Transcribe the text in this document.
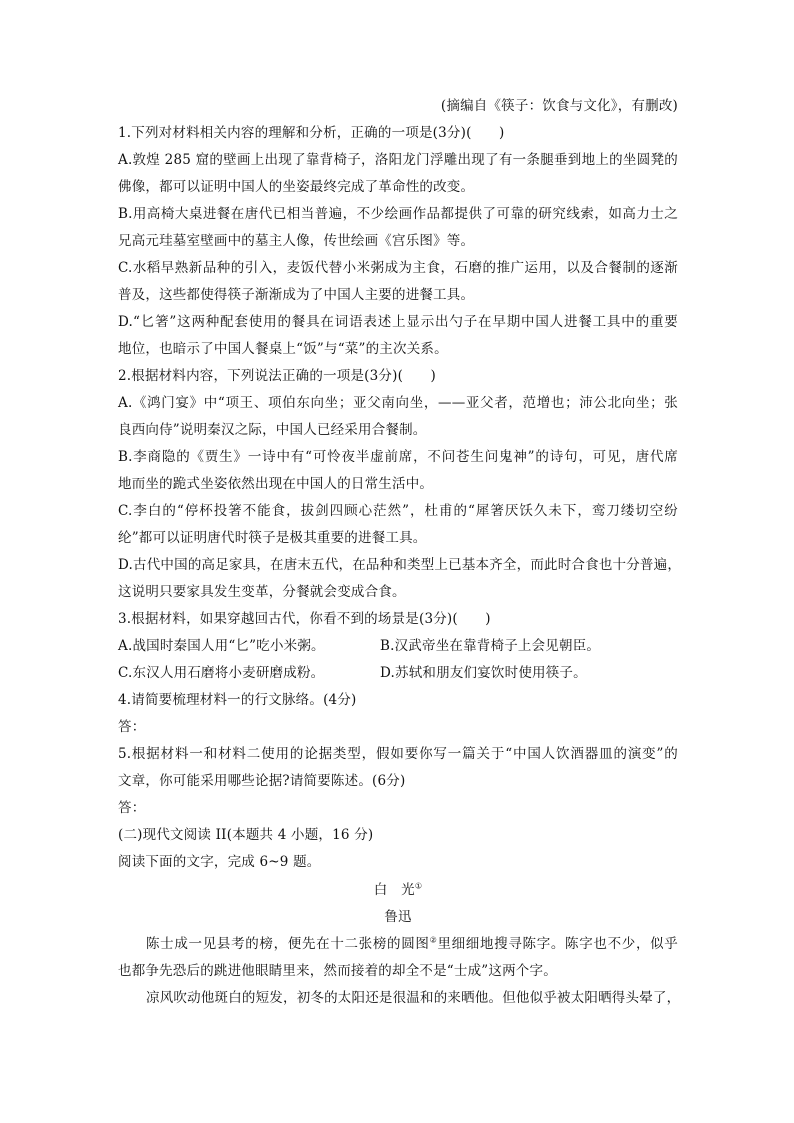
(摘编自《筷子：饮食与文化》，有删改)
1.下列对材料相关内容的理解和分析，正确的一项是(3分)(　　)
A.敦煌 285 窟的壁画上出现了靠背椅子，洛阳龙门浮雕出现了有一条腿垂到地上的坐圆凳的
佛像，都可以证明中国人的坐姿最终完成了革命性的改变。
B.用高椅大桌进餐在唐代已相当普遍，不少绘画作品都提供了可靠的研究线索，如高力士之
兄高元珪墓室壁画中的墓主人像，传世绘画《宫乐图》等。
C.水稻早熟新品种的引入，麦饭代替小米粥成为主食，石磨的推广运用，以及合餐制的逐渐
普及，这些都使得筷子渐渐成为了中国人主要的进餐工具。
D.“匕箸”这两种配套使用的餐具在词语表述上显示出勺子在早期中国人进餐工具中的重要
地位，也暗示了中国人餐桌上“饭”与“菜”的主次关系。
2.根据材料内容，下列说法正确的一项是(3分)(　　)
A.《鸿门宴》中“项王、项伯东向坐；亚父南向坐，——亚父者，范增也；沛公北向坐；张
良西向侍”说明秦汉之际，中国人已经采用合餐制。
B.李商隐的《贾生》一诗中有“可怜夜半虚前席，不问苍生问鬼神”的诗句，可见，唐代席
地而坐的跪式坐姿依然出现在中国人的日常生活中。
C.李白的“停杯投箸不能食，拔剑四顾心茫然”，杜甫的“犀箸厌饫久未下，鸾刀缕切空纷
纶”都可以证明唐代时筷子是极其重要的进餐工具。
D.古代中国的高足家具，在唐末五代，在品种和类型上已基本齐全，而此时合食也十分普遍，
这说明只要家具发生变革，分餐就会变成合食。
3.根据材料，如果穿越回古代，你看不到的场景是(3分)(　　)
A.战国时秦国人用“匕”吃小米粥。	B.汉武帝坐在靠背椅子上会见朝臣。
C.东汉人用石磨将小麦研磨成粉。	D.苏轼和朋友们宴饮时使用筷子。
4.请简要梳理材料一的行文脉络。(4分)
答：
5.根据材料一和材料二使用的论据类型，假如要你写一篇关于“中国人饮酒器皿的演变”的
文章，你可能采用哪些论据?请简要陈述。(6分)
答：
(二)现代文阅读 II(本题共 4 小题，16 分)
阅读下面的文字，完成 6~9 题。
白　光①
鲁迅
陈士成一见县考的榜，便先在十二张榜的圆图②里细细地搜寻陈字。陈字也不少，似乎
也都争先恐后的跳进他眼睛里来，然而接着的却全不是“士成”这两个字。
凉风吹动他斑白的短发，初冬的太阳还是很温和的来晒他。但他似乎被太阳晒得头晕了，
